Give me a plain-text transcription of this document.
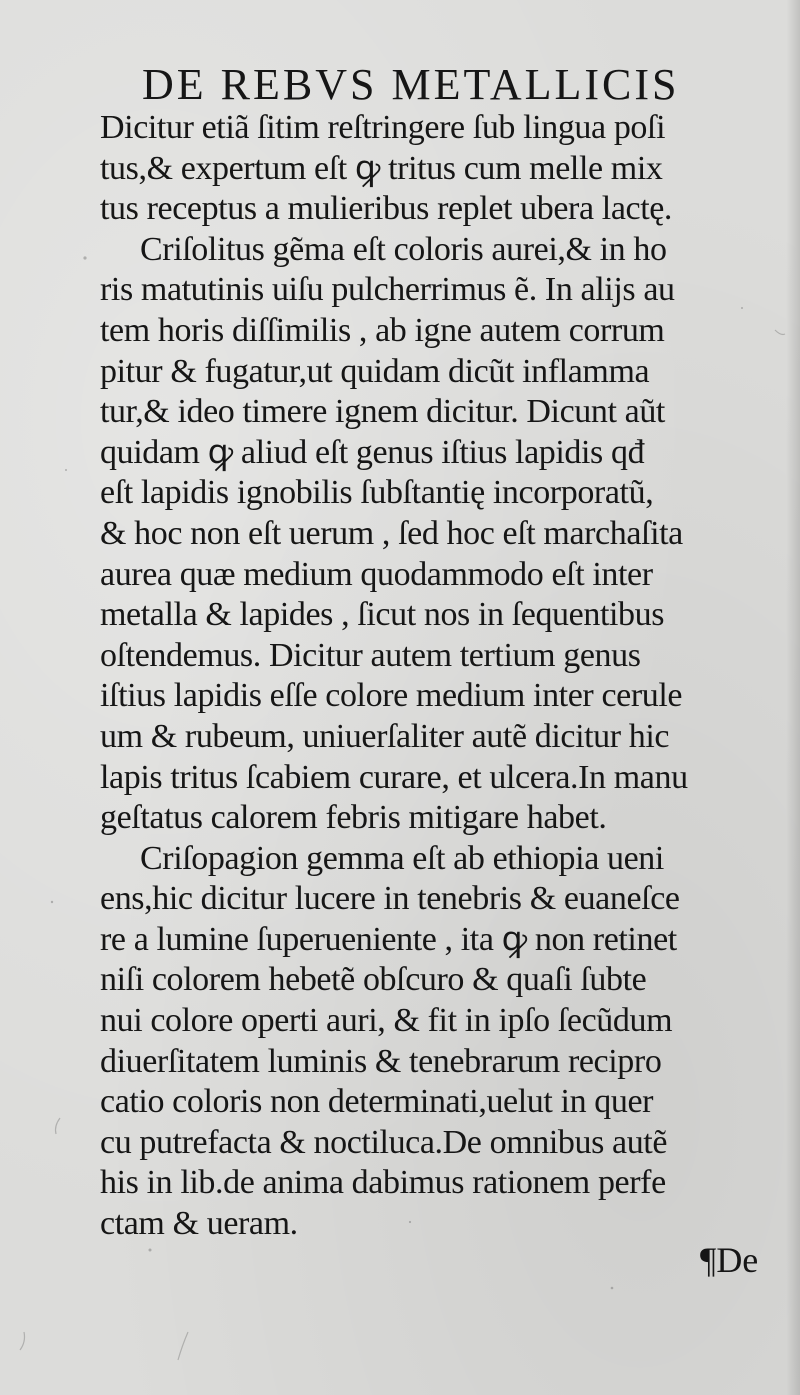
DE REBVS METALLICIS
Dicitur etiã ſitim reſtringere ſub lingua poſi
tus,& expertum eſt ꝙ tritus cum melle mix
tus receptus a mulieribus replet ubera lactę.
Criſolitus gẽma eſt coloris aurei,& in ho
ris matutinis uiſu pulcherrimus ẽ. In alijs au
tem horis diſſimilis , ab igne autem corrum
pitur & fugatur,ut quidam dicũt inflamma
tur,& ideo timere ignem dicitur. Dicunt aũt
quidam ꝙ aliud eſt genus iſtius lapidis qđ
eſt lapidis ignobilis ſubſtantię incorporatũ,
& hoc non eſt uerum , ſed hoc eſt marchaſita
aurea quæ medium quodammodo eſt inter
metalla & lapides , ſicut nos in ſequentibus
oſtendemus. Dicitur autem tertium genus
iſtius lapidis eſſe colore medium inter cerule
um & rubeum, uniuerſaliter autẽ dicitur hic
lapis tritus ſcabiem curare, et ulcera.In manu
geſtatus calorem febris mitigare habet.
Criſopagion gemma eſt ab ethiopia ueni
ens,hic dicitur lucere in tenebris & euaneſce
re a lumine ſuperueniente , ita ꝙ non retinet
niſi colorem hebetẽ obſcuro & quaſi ſubte
nui colore operti auri, & fit in ipſo ſecũdum
diuerſitatem luminis & tenebrarum recipro
catio coloris non determinati,uelut in quer
cu putrefacta & noctiluca.De omnibus autẽ
his in lib.de anima dabimus rationem perfe
ctam & ueram.
¶De
